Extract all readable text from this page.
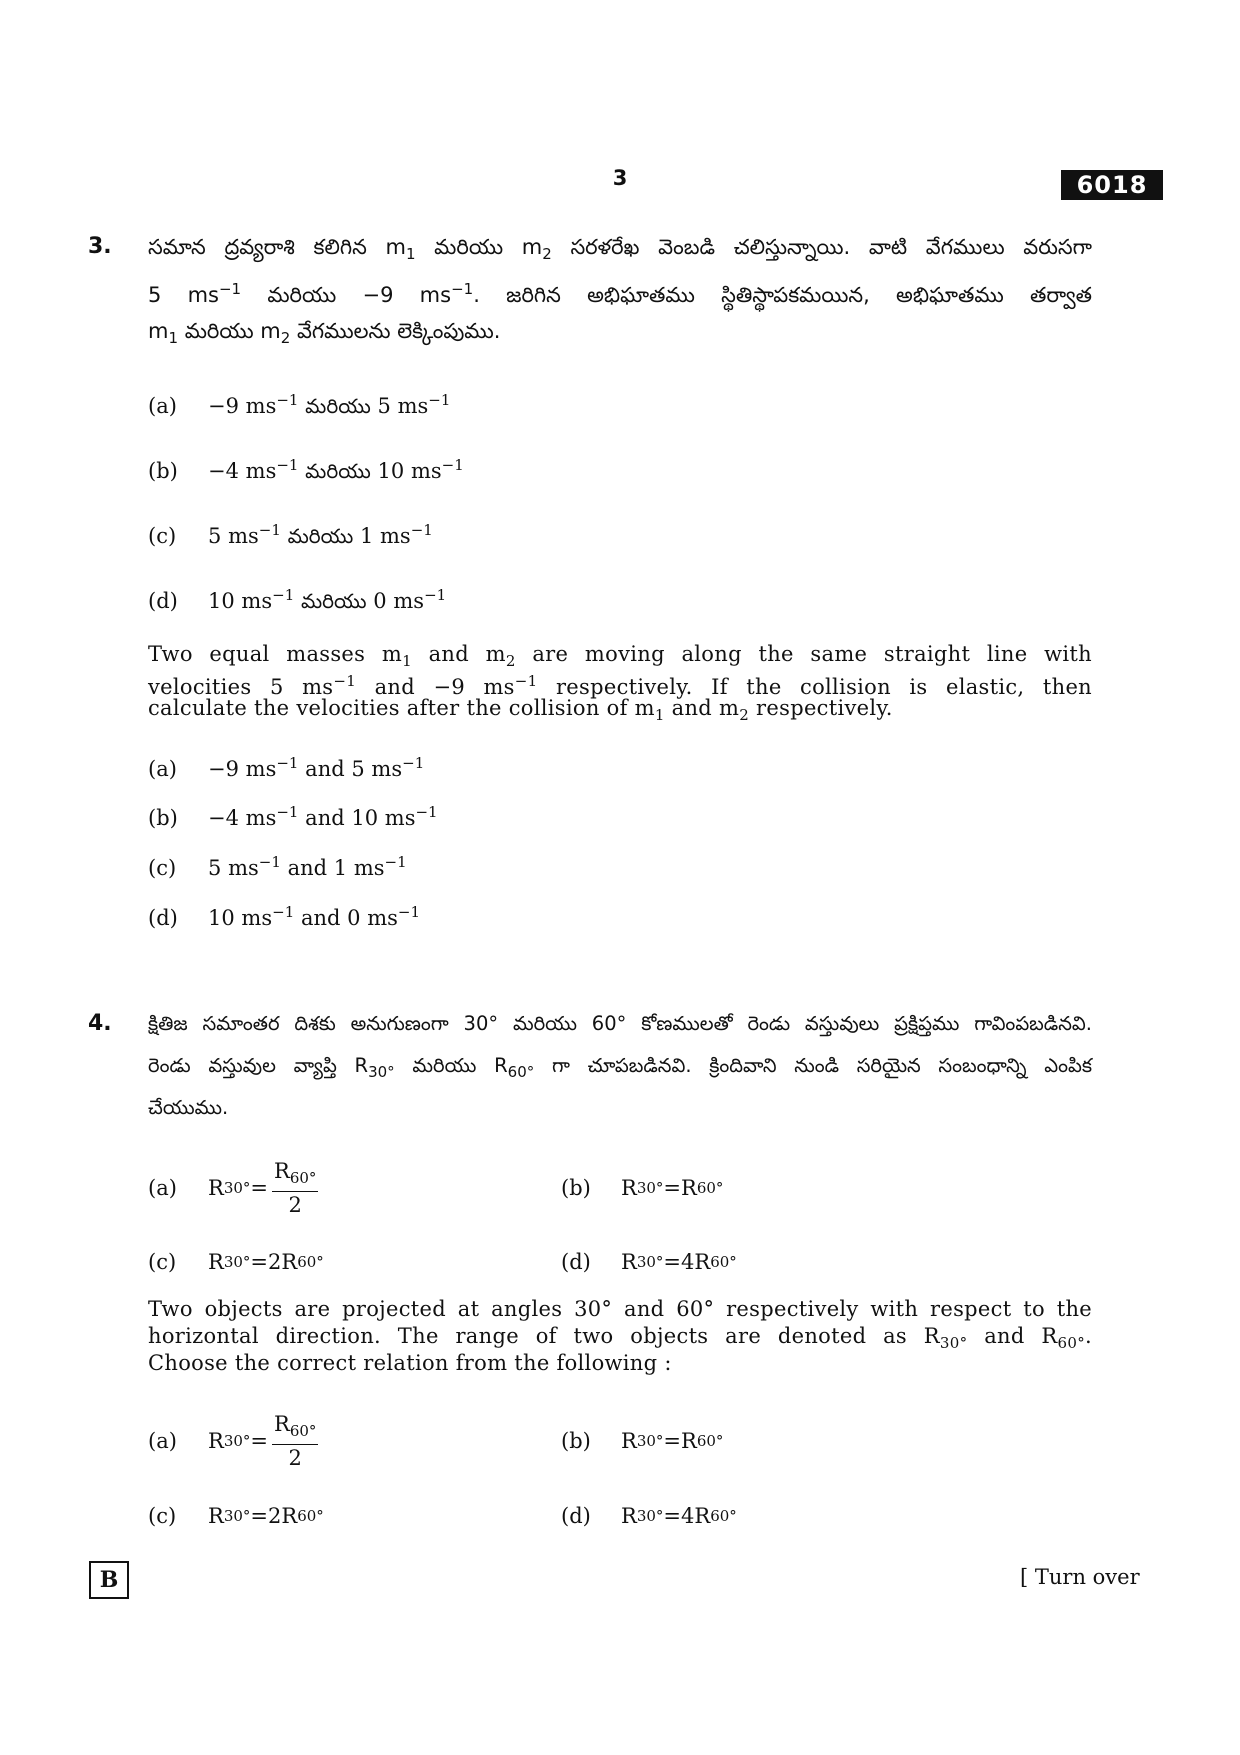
3	6018
3. సమాన ద్రవ్యరాశి కలిగిన $m_1$ మరియు $m_2$ సరళరేఖ వెంబడి చలిస్తున్నాయి. వాటి వేగములు వరుసగా
5 $ms^{-1}$ మరియు −9 $ms^{-1}$. జరిగిన అభిఘాతము స్థితిస్థాపకమయిన, అభిఘాతము తర్వాత
$m_1$ మరియు $m_2$ వేగములను లెక్కింపుము.
(a) −9 $ms^{-1}$ మరియు 5 $ms^{-1}$
(b) −4 $ms^{-1}$ మరియు 10 $ms^{-1}$
(c) 5 $ms^{-1}$ మరియు 1 $ms^{-1}$
(d) 10 $ms^{-1}$ మరియు 0 $ms^{-1}$
Two equal masses $m_1$ and $m_2$ are moving along the same straight line with
velocities 5 $ms^{-1}$ and −9 $ms^{-1}$ respectively. If the collision is elastic, then
calculate the velocities after the collision of $m_1$ and $m_2$ respectively.
(a) −9 $ms^{-1}$ and 5 $ms^{-1}$
(b) −4 $ms^{-1}$ and 10 $ms^{-1}$
(c) 5 $ms^{-1}$ and 1 $ms^{-1}$
(d) 10 $ms^{-1}$ and 0 $ms^{-1}$
4. క్షితిజ సమాంతర దిశకు అనుగుణంగా 30° మరియు 60° కోణములతో రెండు వస్తువులు ప్రక్షిప్తము గావింపబడినవి.
రెండు వస్తువుల వ్యాప్తి $R_{30^\circ}$ మరియు $R_{60^\circ}$ గా చూపబడినవి. క్రిందివాని నుండి సరియైన సంబంధాన్ని ఎంపిక
చేయుము.
(a)	R $30^\circ = \frac{R_{60^\circ}}{2}$	(b)	R 30° = R 60°
(c)	R 30° = 2 R 60°	(d)	R 30° = 4 R 60°
Two objects are projected at angles 30° and 60° respectively with respect to the
horizontal direction. The range of two objects are denoted as $R_{30^\circ}$ and $R_{60^\circ}$.
Choose the correct relation from the following :
(a)	R $30^\circ = \frac{R_{60^\circ}}{2}$	(b)	R 30° = R 60°
(c)	R 30° = 2 R 60°	(d)	R 30° = 4 R 60°
B	[ Turn over
